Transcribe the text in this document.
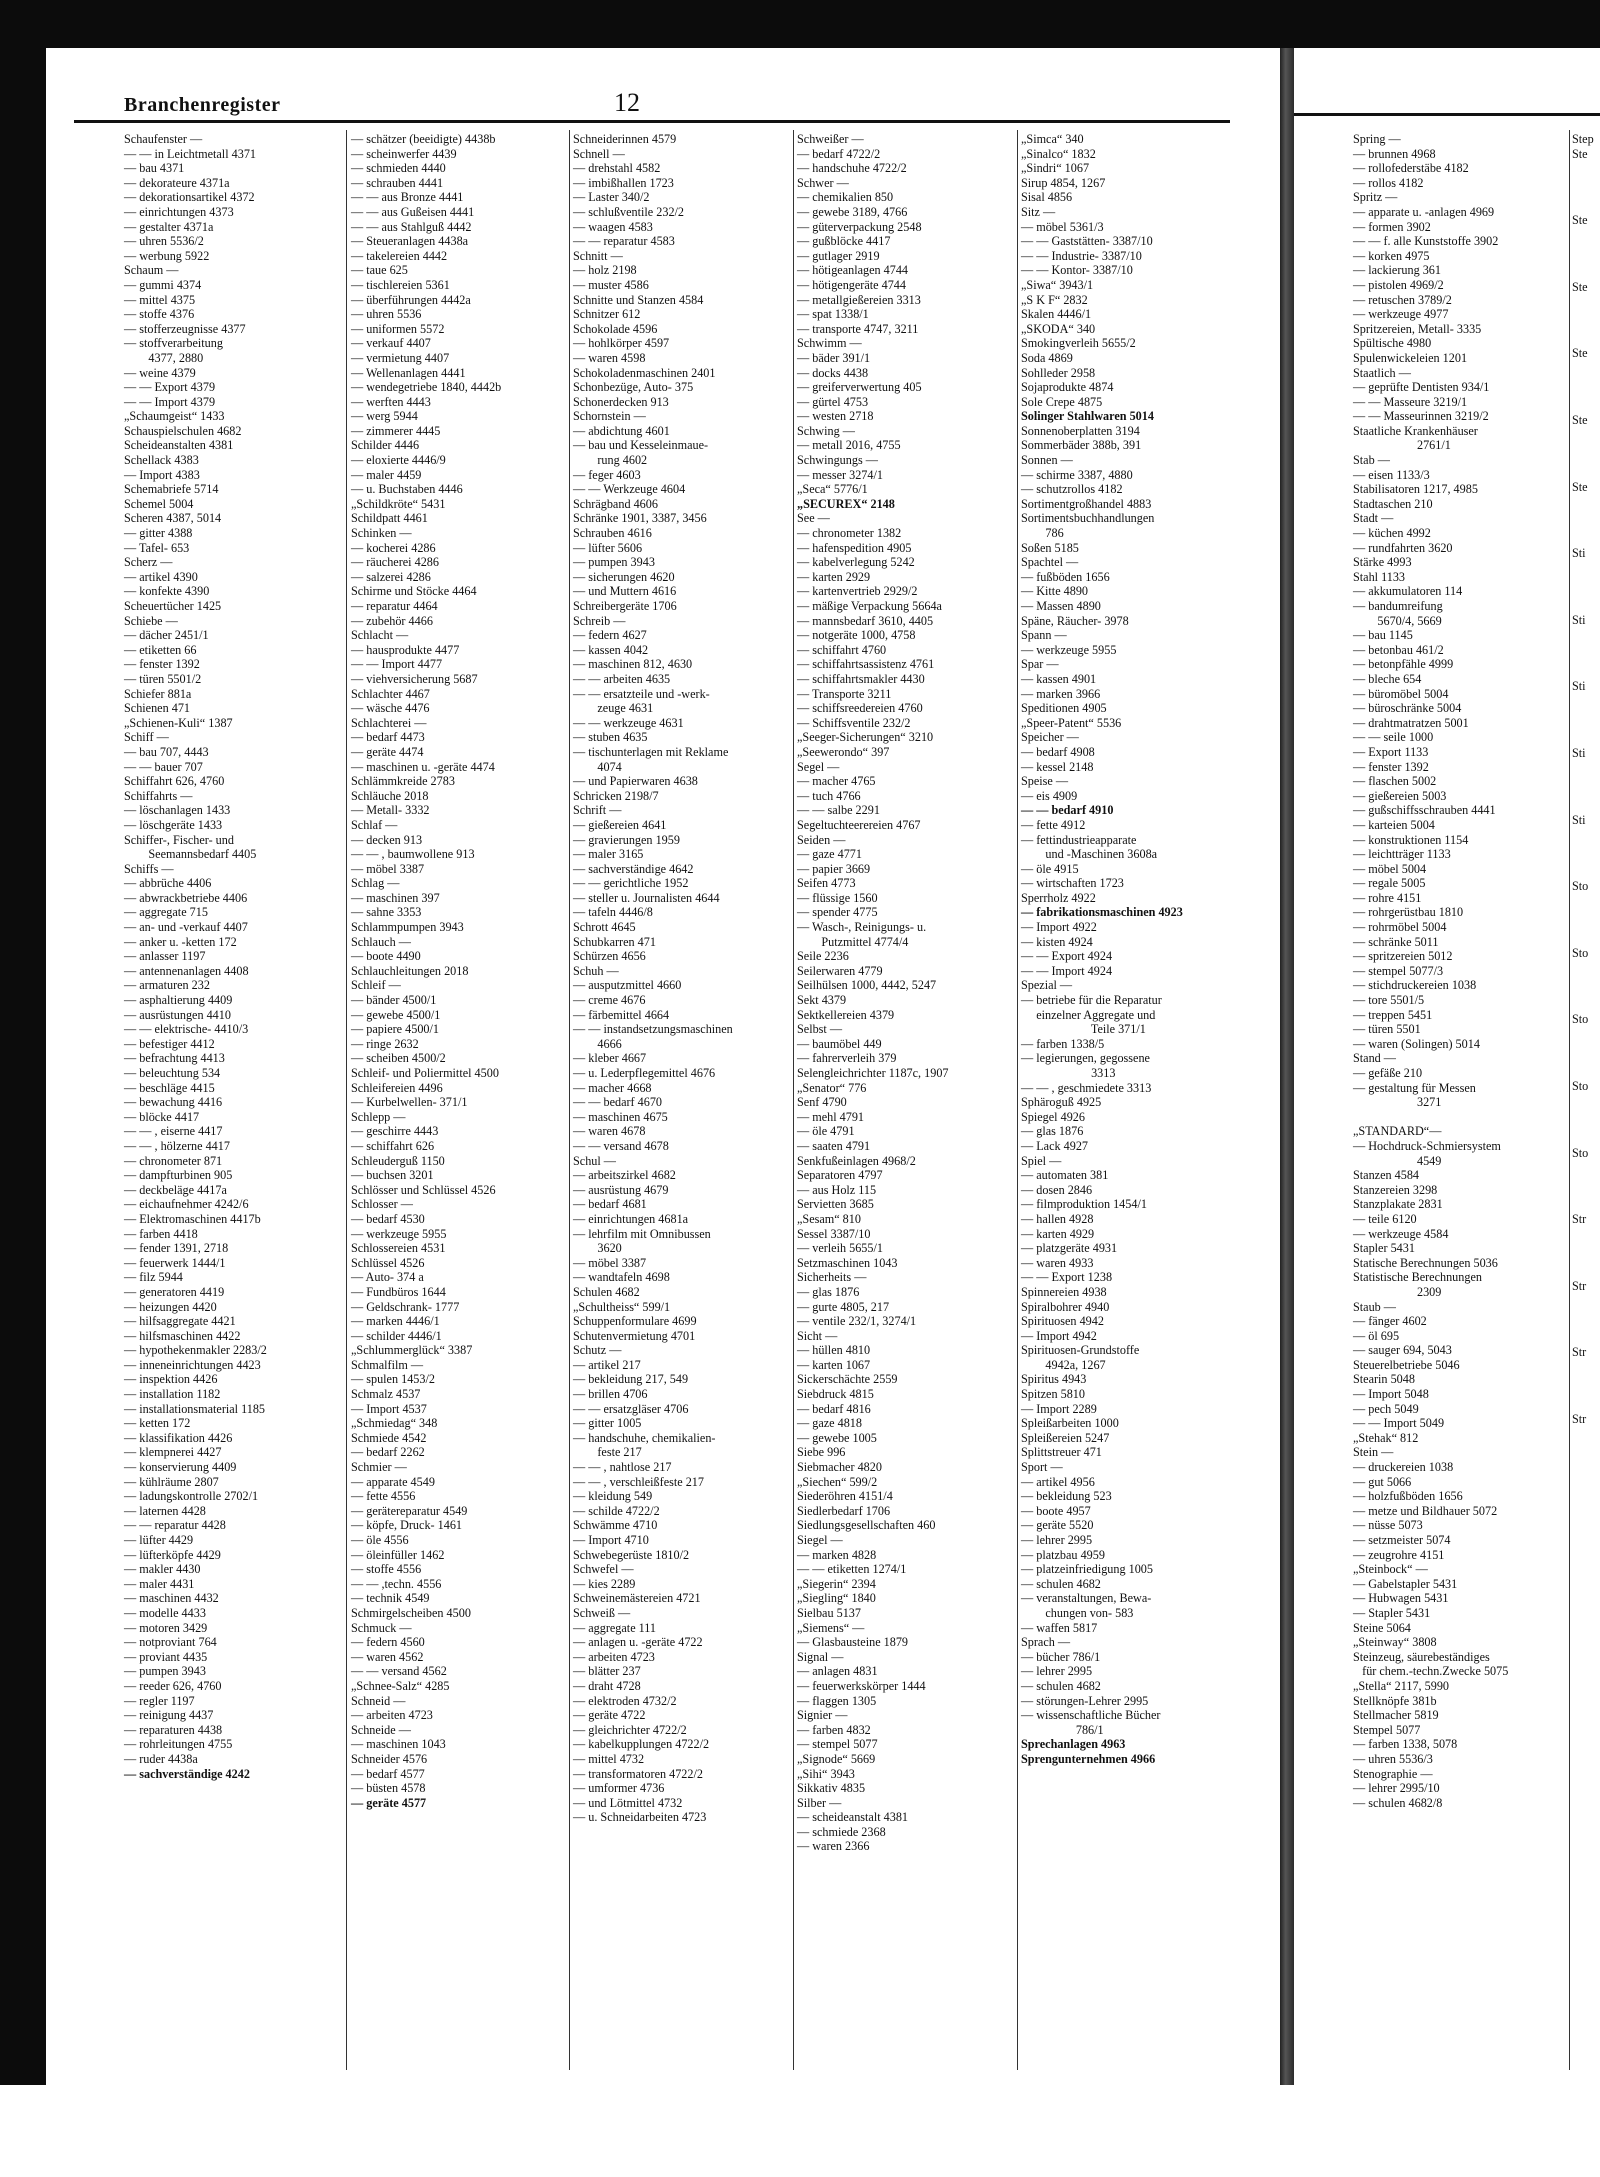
Branchenregister	12
Schaufenster —
— — in Leichtmetall 4371
— bau 4371
— dekorateure 4371a
— dekorationsartikel 4372
— einrichtungen 4373
— gestalter 4371a
— uhren 5536/2
— werbung 5922
Schaum —
— gummi 4374
— mittel 4375
— stoffe 4376
— stofferzeugnisse 4377
— stoffverarbeitung
4377, 2880
— weine 4379
— — Export 4379
— — Import 4379
„Schaumgeist“ 1433
Schauspielschulen 4682
Scheideanstalten 4381
Schellack 4383
— Import 4383
Schemabriefe 5714
Schemel 5004
Scheren 4387, 5014
— gitter 4388
— Tafel- 653
Scherz —
— artikel 4390
— konfekte 4390
Scheuertücher 1425
Schiebe —
— dächer 2451/1
— etiketten 66
— fenster 1392
— türen 5501/2
Schiefer 881a
Schienen 471
„Schienen-Kuli“ 1387
Schiff —
— bau 707, 4443
— — bauer 707
Schiffahrt 626, 4760
Schiffahrts —
— löschanlagen 1433
— löschgeräte 1433
Schiffer-, Fischer- und
Seemannsbedarf 4405
Schiffs —
— abbrüche 4406
— abwrackbetriebe 4406
— aggregate 715
— an- und -verkauf 4407
— anker u. -ketten 172
— anlasser 1197
— antennenanlagen 4408
— armaturen 232
— asphaltierung 4409
— ausrüstungen 4410
— — elektrische- 4410/3
— befestiger 4412
— befrachtung 4413
— beleuchtung 534
— beschläge 4415
— bewachung 4416
— blöcke 4417
— — , eiserne 4417
— — , hölzerne 4417
— chronometer 871
— dampfturbinen 905
— deckbeläge 4417a
— eichaufnehmer 4242/6
— Elektromaschinen 4417b
— farben 4418
— fender 1391, 2718
— feuerwerk 1444/1
— filz 5944
— generatoren 4419
— heizungen 4420
— hilfsaggregate 4421
— hilfsmaschinen 4422
— hypothekenmakler 2283/2
— inneneinrichtungen 4423
— inspektion 4426
— installation 1182
— installationsmaterial 1185
— ketten 172
— klassifikation 4426
— klempnerei 4427
— konservierung 4409
— kühlräume 2807
— ladungskontrolle 2702/1
— laternen 4428
— — reparatur 4428
— lüfter 4429
— lüfterköpfe 4429
— makler 4430
— maler 4431
— maschinen 4432
— modelle 4433
— motoren 3429
— notproviant 764
— proviant 4435
— pumpen 3943
— reeder 626, 4760
— regler 1197
— reinigung 4437
— reparaturen 4438
— rohrleitungen 4755
— ruder 4438a
— sachverständige 4242
— schätzer (beeidigte) 4438b
— scheinwerfer 4439
— schmieden 4440
— schrauben 4441
— — aus Bronze 4441
— — aus Gußeisen 4441
— — aus Stahlguß 4442
— Steueranlagen 4438a
— takelereien 4442
— taue 625
— tischlereien 5361
— überführungen 4442a
— uhren 5536
— uniformen 5572
— verkauf 4407
— vermietung 4407
— Wellenanlagen 4441
— wendegetriebe 1840, 4442b
— werften 4443
— werg 5944
— zimmerer 4445
Schilder 4446
— eloxierte 4446/9
— maler 4459
— u. Buchstaben 4446
„Schildkröte“ 5431
Schildpatt 4461
Schinken —
— kocherei 4286
— räucherei 4286
— salzerei 4286
Schirme und Stöcke 4464
— reparatur 4464
— zubehör 4466
Schlacht —
— hausprodukte 4477
— — Import 4477
— viehversicherung 5687
Schlachter 4467
— wäsche 4476
Schlachterei —
— bedarf 4473
— geräte 4474
— maschinen u. -geräte 4474
Schlämmkreide 2783
Schläuche 2018
— Metall- 3332
Schlaf —
— decken 913
— — , baumwollene 913
— möbel 3387
Schlag —
— maschinen 397
— sahne 3353
Schlammpumpen 3943
Schlauch —
— boote 4490
Schlauchleitungen 2018
Schleif —
— bänder 4500/1
— gewebe 4500/1
— papiere 4500/1
— ringe 2632
— scheiben 4500/2
Schleif- und Poliermittel 4500
Schleifereien 4496
— Kurbelwellen- 371/1
Schlepp —
— geschirre 4443
— schiffahrt 626
Schleuderguß 1150
— buchsen 3201
Schlösser und Schlüssel 4526
Schlosser —
— bedarf 4530
— werkzeuge 5955
Schlossereien 4531
Schlüssel 4526
— Auto- 374 a
— Fundbüros 1644
— Geldschrank- 1777
— marken 4446/1
— schilder 4446/1
„Schlummerglück“ 3387
Schmalfilm —
— spulen 1453/2
Schmalz 4537
— Import 4537
„Schmiedag“ 348
Schmiede 4542
— bedarf 2262
Schmier —
— apparate 4549
— fette 4556
— gerätereparatur 4549
— köpfe, Druck- 1461
— öle 4556
— öleinfüller 1462
— stoffe 4556
— — ,techn. 4556
— technik 4549
Schmirgelscheiben 4500
Schmuck —
— federn 4560
— waren 4562
— — versand 4562
„Schnee-Salz“ 4285
Schneid —
— arbeiten 4723
Schneide —
— maschinen 1043
Schneider 4576
— bedarf 4577
— büsten 4578
— geräte 4577
Schneiderinnen 4579
Schnell —
— drehstahl 4582
— imbißhallen 1723
— Laster 340/2
— schlußventile 232/2
— waagen 4583
— — reparatur 4583
Schnitt —
— holz 2198
— muster 4586
Schnitte und Stanzen 4584
Schnitzer 612
Schokolade 4596
— hohlkörper 4597
— waren 4598
Schokoladenmaschinen 2401
Schonbezüge, Auto- 375
Schonerdecken 913
Schornstein —
— abdichtung 4601
— bau und Kesseleinmaue-
rung 4602
— feger 4603
— — Werkzeuge 4604
Schrägband 4606
Schränke 1901, 3387, 3456
Schrauben 4616
— lüfter 5606
— pumpen 3943
— sicherungen 4620
— und Muttern 4616
Schreibergeräte 1706
Schreib —
— federn 4627
— kassen 4042
— maschinen 812, 4630
— — arbeiten 4635
— — ersatzteile und -werk-
zeuge 4631
— — werkzeuge 4631
— stuben 4635
— tischunterlagen mit Reklame
4074
— und Papierwaren 4638
Schricken 2198/7
Schrift —
— gießereien 4641
— gravierungen 1959
— maler 3165
— sachverständige 4642
— — gerichtliche 1952
— steller u. Journalisten 4644
— tafeln 4446/8
Schrott 4645
Schubkarren 471
Schürzen 4656
Schuh —
— ausputzmittel 4660
— creme 4676
— färbemittel 4664
— — instandsetzungsmaschinen
4666
— kleber 4667
— u. Lederpflegemittel 4676
— macher 4668
— — bedarf 4670
— maschinen 4675
— waren 4678
— — versand 4678
Schul —
— arbeitszirkel 4682
— ausrüstung 4679
— bedarf 4681
— einrichtungen 4681a
— lehrfilm mit Omnibussen
3620
— möbel 3387
— wandtafeln 4698
Schulen 4682
„Schultheiss“ 599/1
Schuppenformulare 4699
Schutenvermietung 4701
Schutz —
— artikel 217
— bekleidung 217, 549
— brillen 4706
— — ersatzgläser 4706
— gitter 1005
— handschuhe, chemikalien-
feste 217
— — , nahtlose 217
— — , verschleißfeste 217
— kleidung 549
— schilde 4722/2
Schwämme 4710
— Import 4710
Schwebegerüste 1810/2
Schwefel —
— kies 2289
Schweinemästereien 4721
Schweiß —
— aggregate 111
— anlagen u. -geräte 4722
— arbeiten 4723
— blätter 237
— draht 4728
— elektroden 4732/2
— geräte 4722
— gleichrichter 4722/2
— kabelkupplungen 4722/2
— mittel 4732
— transformatoren 4722/2
— umformer 4736
— und Lötmittel 4732
— u. Schneidarbeiten 4723
Schweißer —
— bedarf 4722/2
— handschuhe 4722/2
Schwer —
— chemikalien 850
— gewebe 3189, 4766
— güterverpackung 2548
— gußblöcke 4417
— gutlager 2919
— hötigeanlagen 4744
— hötigengeräte 4744
— metallgießereien 3313
— spat 1338/1
— transporte 4747, 3211
Schwimm —
— bäder 391/1
— docks 4438
— greiferverwertung 405
— gürtel 4753
— westen 2718
Schwing —
— metall 2016, 4755
Schwingungs —
— messer 3274/1
„Seca“ 5776/1
„SECUREX“ 2148
See —
— chronometer 1382
— hafenspedition 4905
— kabelverlegung 5242
— karten 2929
— kartenvertrieb 2929/2
— mäßige Verpackung 5664a
— mannsbedarf 3610, 4405
— notgeräte 1000, 4758
— schiffahrt 4760
— schiffahrtsassistenz 4761
— schiffahrtsmakler 4430
— Transporte 3211
— schiffsreedereien 4760
— Schiffsventile 232/2
„Seeger-Sicherungen“ 3210
„Seewerondo“ 397
Segel —
— macher 4765
— tuch 4766
— — salbe 2291
Segeltuchteerereien 4767
Seiden —
— gaze 4771
— papier 3669
Seifen 4773
— flüssige 1560
— spender 4775
— Wasch-, Reinigungs- u.
Putzmittel 4774/4
Seile 2236
Seilerwaren 4779
Seilhülsen 1000, 4442, 5247
Sekt 4379
Sektkellereien 4379
Selbst —
— baumöbel 449
— fahrerverleih 379
Selengleichrichter 1187c, 1907
„Senator“ 776
Senf 4790
— mehl 4791
— öle 4791
— saaten 4791
Senkfußeinlagen 4968/2
Separatoren 4797
— aus Holz 115
Servietten 3685
„Sesam“ 810
Sessel 3387/10
— verleih 5655/1
Setzmaschinen 1043
Sicherheits —
— glas 1876
— gurte 4805, 217
— ventile 232/1, 3274/1
Sicht —
— hüllen 4810
— karten 1067
Sickerschächte 2559
Siebdruck 4815
— bedarf 4816
— gaze 4818
— gewebe 1005
Siebe 996
Siebmacher 4820
„Siechen“ 599/2
Siederöhren 4151/4
Siedlerbedarf 1706
Siedlungsgesellschaften 460
Siegel —
— marken 4828
— — etiketten 1274/1
„Siegerin“ 2394
„Siegling“ 1840
Sielbau 5137
„Siemens“ —
— Glasbausteine 1879
Signal —
— anlagen 4831
— feuerwerkskörper 1444
— flaggen 1305
Signier —
— farben 4832
— stempel 5077
„Signode“ 5669
„Sihi“ 3943
Sikkativ 4835
Silber —
— scheideanstalt 4381
— schmiede 2368
— waren 2366
„Simca“ 340
„Sinalco“ 1832
„Sindri“ 1067
Sirup 4854, 1267
Sisal 4856
Sitz —
— möbel 5361/3
— — Gaststätten- 3387/10
— — Industrie- 3387/10
— — Kontor- 3387/10
„Siwa“ 3943/1
„S K F“ 2832
Skalen 4446/1
„SKODA“ 340
Smokingverleih 5655/2
Soda 4869
Sohlleder 2958
Sojaprodukte 4874
Sole Crepe 4875
Solinger Stahlwaren 5014
Sonnenoberplatten 3194
Sommerbäder 388b, 391
Sonnen —
— schirme 3387, 4880
— schutzrollos 4182
Sortimentgroßhandel 4883
Sortimentsbuchhandlungen
786
Soßen 5185
Spachtel —
— fußböden 1656
— Kitte 4890
— Massen 4890
Späne, Räucher- 3978
Spann —
— werkzeuge 5955
Spar —
— kassen 4901
— marken 3966
Speditionen 4905
„Speer-Patent“ 5536
Speicher —
— bedarf 4908
— kessel 2148
Speise —
— eis 4909
— — bedarf 4910
— fette 4912
— fettindustrieapparate
und -Maschinen 3608a
— öle 4915
— wirtschaften 1723
Sperrholz 4922
— fabrikationsmaschinen 4923
— Import 4922
— kisten 4924
— — Export 4924
— — Import 4924
Spezial —
— betriebe für die Reparatur
einzelner Aggregate und
Teile 371/1
— farben 1338/5
— legierungen, gegossene
3313
— — , geschmiedete 3313
Sphäroguß 4925
Spiegel 4926
— glas 1876
— Lack 4927
Spiel —
— automaten 381
— dosen 2846
— filmproduktion 1454/1
— hallen 4928
— karten 4929
— platzgeräte 4931
— waren 4933
— — Export 1238
Spinnereien 4938
Spiralbohrer 4940
Spirituosen 4942
— Import 4942
Spirituosen-Grundstoffe
4942a, 1267
Spiritus 4943
Spitzen 5810
— Import 2289
Spleißarbeiten 1000
Spleißereien 5247
Splittstreuer 471
Sport —
— artikel 4956
— bekleidung 523
— boote 4957
— geräte 5520
— lehrer 2995
— platzbau 4959
— platzeinfriedigung 1005
— schulen 4682
— veranstaltungen, Bewa-
chungen von- 583
— waffen 5817
Sprach —
— bücher 786/1
— lehrer 2995
— schulen 4682
— störungen-Lehrer 2995
— wissenschaftliche Bücher
786/1
Sprechanlagen 4963
Sprengunternehmen 4966
Spring —
— brunnen 4968
— rollofederstäbe 4182
— rollos 4182
Spritz —
— apparate u. -anlagen 4969
— formen 3902
— — f. alle Kunststoffe 3902
— korken 4975
— lackierung 361
— pistolen 4969/2
— retuschen 3789/2
— werkzeuge 4977
Spritzereien, Metall- 3335
Spültische 4980
Spulenwickeleien 1201
Staatlich —
— geprüfte Dentisten 934/1
— — Masseure 3219/1
— — Masseurinnen 3219/2
Staatliche Krankenhäuser
2761/1
Stab —
— eisen 1133/3
Stabilisatoren 1217, 4985
Stadtaschen 210
Stadt —
— küchen 4992
— rundfahrten 3620
Stärke 4993
Stahl 1133
— akkumulatoren 114
— bandumreifung
5670/4, 5669
— bau 1145
— betonbau 461/2
— betonpfähle 4999
— bleche 654
— büromöbel 5004
— büroschränke 5004
— drahtmatratzen 5001
— — seile 1000
— Export 1133
— fenster 1392
— flaschen 5002
— gießereien 5003
— gußschiffsschrauben 4441
— karteien 5004
— konstruktionen 1154
— leichtträger 1133
— möbel 5004
— regale 5005
— rohre 4151
— rohrgerüstbau 1810
— rohrmöbel 5004
— schränke 5011
— spritzereien 5012
— stempel 5077/3
— stichdruckereien 1038
— tore 5501/5
— treppen 5451
— türen 5501
— waren (Solingen) 5014
Stand —
— gefäße 210
— gestaltung für Messen
3271
„STANDARD“—
— Hochdruck-Schmiersystem
4549
Stanzen 4584
Stanzereien 3298
Stanzplakate 2831
— teile 6120
— werkzeuge 4584
Stapler 5431
Statische Berechnungen 5036
Statistische Berechnungen
2309
Staub —
— fänger 4602
— öl 695
— sauger 694, 5043
Steuerelbetriebe 5046
Stearin 5048
— Import 5048
— pech 5049
— — Import 5049
„Stehak“ 812
Stein —
— druckereien 1038
— gut 5066
— holzfußböden 1656
— metze und Bildhauer 5072
— nüsse 5073
— setzmeister 5074
— zeugrohre 4151
„Steinbock“ —
— Gabelstapler 5431
— Hubwagen 5431
— Stapler 5431
Steine 5064
„Steinway“ 3808
Steinzeug, säurebeständiges
für chem.-techn.Zwecke 5075
„Stella“ 2117, 5990
Stellknöpfe 381b
Stellmacher 5819
Stempel 5077
— farben 1338, 5078
— uhren 5536/3
Stenographie —
— lehrer 2995/10
— schulen 4682/8
Step
Ste
Ste
Ste
Ste
Ste
Ste
Sti
Sti
Sti
Sti
Sti
Sto
Sto
Sto
Sto
Sto
Str
Str
Str
Str
